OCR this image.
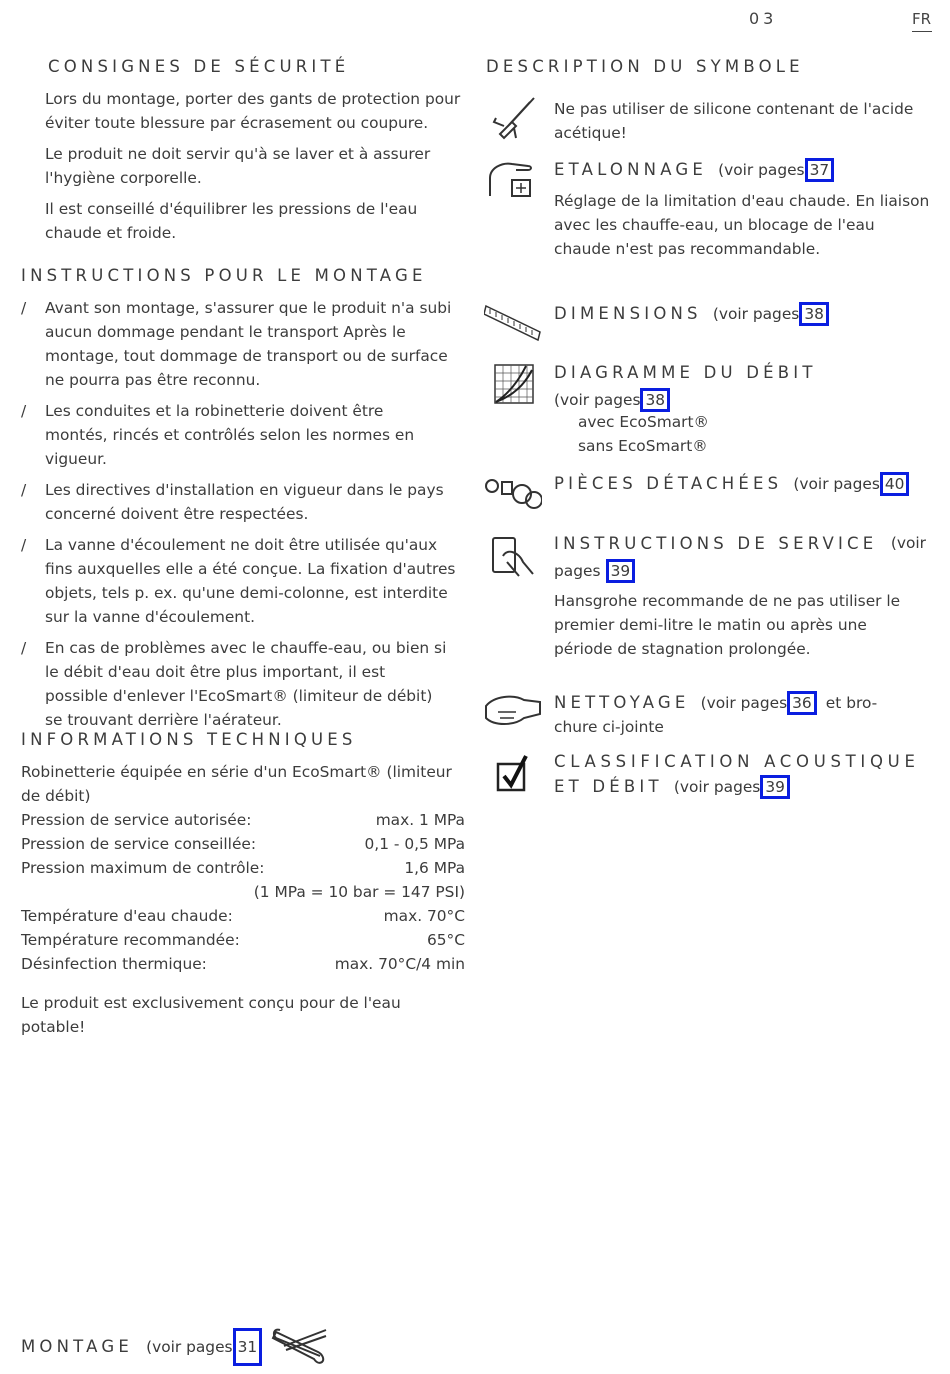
03	FR
CONSIGNES DE SÉCURITÉ

Lors du montage, porter des gants de protection pour éviter toute blessure par écrasement ou coupure.

Le produit ne doit servir qu'à se laver et à assurer l'hygiène corporelle.

Il est conseillé d'équilibrer les pressions de l'eau chaude et froide.

INSTRUCTIONS POUR LE MONTAGE
/ Avant son montage, s'assurer que le produit n'a subi aucun dommage pendant le transport Après le montage, tout dommage de transport ou de surface ne pourra pas être reconnu.
/ Les conduites et la robinetterie doivent être montés, rincés et contrôlés selon les normes en vigueur.
/ Les directives d'installation en vigueur dans le pays concerné doivent être respectées.
/ La vanne d'écoulement ne doit être utilisée qu'aux fins auxquelles elle a été conçue. La fixation d'autres objets, tels p. ex. qu'une demi-colonne, est interdite sur la vanne d'écoulement.
/ En cas de problèmes avec le chauffe-eau, ou bien si le débit d'eau doit être plus important, il est possible d'enlever l'EcoSmart® (limiteur de débit) se trouvant derrière l'aérateur.
INFORMATIONS TECHNIQUES
Robinetterie équipée en série d'un EcoSmart® (limiteur de débit)
Pression de service autorisée:	max. 1 MPa
Pression de service conseillée:	0,1 - 0,5 MPa
Pression maximum de contrôle:	1,6 MPa
(1 MPa = 10 bar = 147 PSI)
Température d'eau chaude:	max. 70°C
Température recommandée:	65°C
Désinfection thermique:	max. 70°C/4 min
Le produit est exclusivement conçu pour de l'eau potable!
MONTAGE (voir pages 31
DESCRIPTION DU SYMBOLE
Ne pas utiliser de silicone contenant de l'acide acétique!
ETALONNAGE (voir pages 37
Réglage de la limitation d'eau chaude. En liaison avec les chauffe-eau, un blocage de l'eau chaude n'est pas recommandable.
DIMENSIONS (voir pages 38
DIAGRAMME DU DÉBIT
(voir pages 38
avec EcoSmart®
sans EcoSmart®
PIÈCES DÉTACHÉES (voir pages 40
INSTRUCTIONS DE SERVICE (voir
pages 39
Hansgrohe recommande de ne pas utiliser le premier demi-litre le matin ou après une période de stagnation prolongée.
NETTOYAGE (voir pages 36 et bro-
chure ci-jointe
CLASSIFICATION ACOUSTIQUE
ET DÉBIT (voir pages 39
